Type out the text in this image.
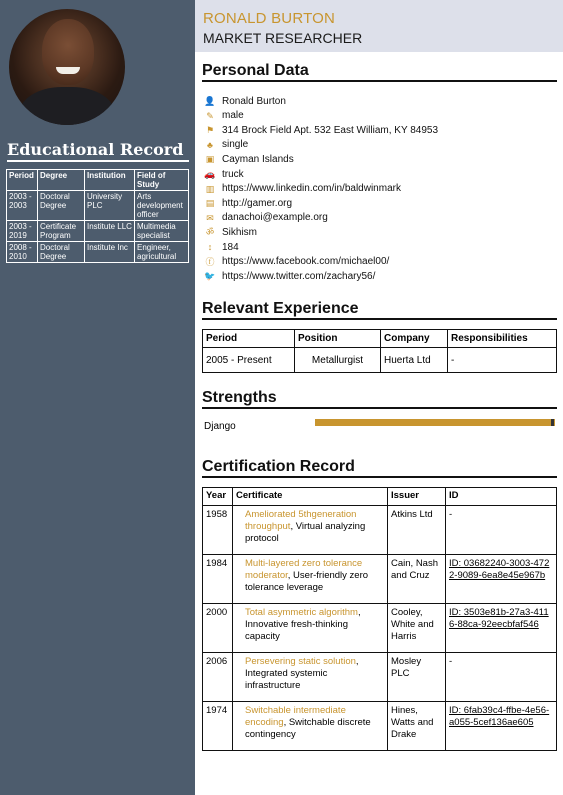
Educational Record
Period	Degree	Institution	Field of Study
2003 - 2003	Doctoral Degree	University PLC	Arts development officer
2003 - 2019	Certificate Program	Institute LLC	Multimedia specialist
2008 - 2010	Doctoral Degree	Institute Inc	Engineer, agricultural
RONALD BURTON
MARKET RESEARCHER
Personal Data
👤 Ronald Burton
✎ male
⚑ 314 Brock Field Apt. 532 East William, KY 84953
♣ single
▣ Cayman Islands
🚗 truck
▥ https://www.linkedin.com/in/baldwinmark
▤ http://gamer.org
✉ danachoi@example.org
ॐ Sikhism
↕ 184
ⓕ https://www.facebook.com/michael00/
🐦 https://www.twitter.com/zachary56/
Relevant Experience
Period	Position	Company	Responsibilities
2005 - Present	Metallurgist	Huerta Ltd	-
Strengths
Django
Certification Record
Year	Certificate	Issuer	ID
1958	Ameliorated 5thgeneration throughput, Virtual analyzing protocol	Atkins Ltd	-
1984	Multi-layered zero tolerance moderator, User-friendly zero tolerance leverage	Cain, Nash and Cruz	ID: 03682240-3003-4722-9089-6ea8e45e967b
2000	Total asymmetric algorithm, Innovative fresh-thinking capacity	Cooley, White and Harris	ID: 3503e81b-27a3-4116-88ca-92eecbfaf546
2006	Persevering static solution, Integrated systemic infrastructure	Mosley PLC	-
1974	Switchable intermediate encoding, Switchable discrete contingency	Hines, Watts and Drake	ID: 6fab39c4-ffbe-4e56-a055-5cef136ae605
